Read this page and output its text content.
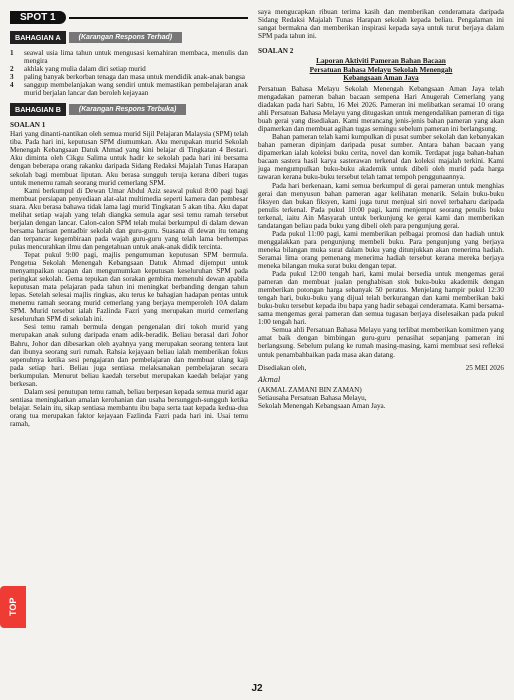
SPOT 1
BAHAGIAN A	(Karangan Respons Terhad)
1	seawal usia lima tahun untuk mengusasi kemahiran membaca, menulis dan mengira
2	akhlak yang mulia dalam diri setiap murid
3	paling banyak berkorban tenaga dan masa untuk mendidik anak-anak bangsa
4	sanggup membelanjakan wang sendiri untuk memastikan pembelajaran anak murid berjalan lancar dan beroleh kejayaan
BAHAGIAN B	(Karangan Respons Terbuka)
SOALAN 1

Hari yang dinanti-nantikan oleh semua murid Sijil Pelajaran Malaysia (SPM) telah tiba. Pada hari ini, keputusan SPM diumumkan. Aku merupakan murid Sekolah Menengah Kebangsaan Datuk Ahmad yang kini belajar di Tingkatan 4 Bestari. Aku diminta oleh Cikgu Salima untuk hadir ke sekolah pada hari ini bersama dengan beberapa orang rakanku daripada Sidang Redaksi Majalah Tunas Harapan sekolah bagi membuat liputan. Aku berasa sungguh teruja kerana diberi tugas untuk menemu ramah seorang murid cemerlang SPM.

Kami berkumpul di Dewan Umar Abdul Aziz seawal pukul 8:00 pagi bagi membuat persiapan penyediaan alat-alat multimedia seperti kamera dan pembesar suara. Aku berasa bahawa tidak lama lagi murid Tingkatan 5 akan tiba. Aku dapat melihat setiap wajah yang telah diangka semula agar sesi temu ramah tersebut berjalan dengan lancar. Calon-calon SPM telah mulai berkumpul di dalam dewan bersama barisan pentadbir sekolah dan guru-guru. Suasana di dewan itu tenang dan terpancar kegembiraan pada wajah guru-guru yang telah lama berhempas pulas mencurahkan ilmu dan pengetahuan untuk anak-anak didik tercinta.

Tepat pukul 9:00 pagi, majlis pengumuman keputusan SPM bermula. Pengetua Sekolah Menengah Kebangsaan Datuk Ahmad dijemput untuk menyampaikan ucapan dan mengumumkan keputusan keseluruhan SPM pada peringkat sekolah. Gema tepukan dan sorakan gembira memenuhi dewan apabila keputusan mata pelajaran pada tahun ini meningkat berbanding dengan tahun lepas. Setelah selesai majlis ringkas, aku terus ke bahagian hadapan pentas untuk menemu ramah seorang murid cemerlang yang berjaya memperoleh 10A dalam SPM. Murid tersebut ialah Fazlinda Fazri yang merupakan murid cemerlang keseluruhan SPM di sekolah ini.

Sesi temu ramah bermula dengan pengenalan diri tokoh murid yang merupakan anak sulung daripada enam adik-beradik. Beliau berasal dari Johor Bahru, Johor dan dibesarkan oleh ayahnya yang merupakan seorang tentera laut dan ibunya seorang suri rumah. Rahsia kejayaan beliau ialah memberikan fokus sepenuhnya ketika sesi pengajaran dan pembelajaran dan membuat ulang kaji pada setiap hari. Beliau juga sentiasa melaksanakan pembelajaran secara berkumpulan. Menurut beliau kaedah tersebut merupakan kaedah belajar yang berkesan.

Dalam sesi penutupan temu ramah, beliau berpesan kepada semua murid agar sentiasa meningkatkan amalan kerohanian dan usaha bersungguh-sungguh ketika belajar. Selain itu, sikap sentiasa membantu ibu bapa serta taat kepada kedua-dua orang tua merupakan faktor kejayaan Fazlinda Fazri pada hari ini. Usai temu ramah,

saya mengucapkan ribuan terima kasih dan memberikan cenderamata daripada Sidang Redaksi Majalah Tunas Harapan sekolah kepada beliau. Pengalaman ini sangat bermakna dan memberikan inspirasi kepada saya untuk turut berjaya dalam SPM pada tahun ini.

SOALAN 2
Laporan Aktiviti Pameran Bahan Bacaan
Persatuan Bahasa Melayu Sekolah Menengah
Kebangsaan Aman Jaya

Persatuan Bahasa Melayu Sekolah Menengah Kebangsaan Aman Jaya telah mengadakan pameran bahan bacaan sempena Hari Anugerah Cemerlang yang diadakan pada hari Sabtu, 16 Mei 2026. Pameran ini melibatkan seramai 10 orang ahli Persatuan Bahasa Melayu yang ditugaskan untuk mengendalikan pameran di tiga buah gerai yang disediakan. Kami merancang jenis-jenis bahan pameran yang akan dipamerkan dan membuat agihan tugas semingu sebelum pameran ini berlangsung.

Bahan pameran telah kami kumpulkan di pusat sumber sekolah dan kebanyakan bahan pameran dipinjam daripada pusat sumber. Antara bahan bacaan yang dipamerkan ialah koleksi buku cerita, novel dan komik. Terdapat juga bahan-bahan bacaan sastera hasil karya sasterawan terkenal dan koleksi majalah terkini. Kami juga mengumpulkan buku-buku akademik untuk dibeli oleh murid pada harga tawaran kerana buku-buku tersebut telah tamat tempoh penggunaannya.

Pada hari berkenaan, kami semua berkumpul di gerai pameran untuk menghias gerai dan menyusun bahan pameran agar kelihatan menarik. Selain buku-buku fiksyen dan bukan fiksyen, kami juga turut menjual siri novel terbaharu daripada penulis terkenal. Pada pukul 10:00 pagi, kami menjemput seorang penulis buku terkenal, iaitu Ain Masyarah untuk berkunjung ke gerai kami dan memberikan tandatangan beliau pada buku yang dibeli oleh para pengunjung gerai.

Pada pukul 11:00 pagi, kami memberikan pelbagai promosi dan hadiah untuk menggalakkan para pengunjung membeli buku. Para pengunjung yang berjaya meneka bilangan muka surat dalam buku yang ditunjukkan akan menerima hadiah. Seramai lima orang pemenang menerima hadiah tersebut kerana mereka berjaya meneka bilangan muka surat buku dengan tepat.

Pada pukul 12:00 tengah hari, kami mulai bersedia untuk mengemas gerai pameran dan membuat jualan penghabisan stok buku-buku akademik dengan memberikan potongan harga sebanyak 50 peratus. Menjelang hampir pukul 12:30 tengah hari, buku-buku yang dijual telah berkurangan dan kami memberikan baki buku-buku tersebut kepada ibu bapa yang hadir sebagai cenderamata. Kami bersama-sama mengemas gerai pameran dan semua tugasan berjaya diselesaikan pada pukul 1:00 tengah hari.

Semua ahli Persatuan Bahasa Melayu yang terlibat memberikan komitmen yang amat baik dengan bimbingan guru-guru penasihat sepanjang pameran ini berlangsung. Sebelum pulang ke rumah masing-masing, kami membuat sesi refleksi untuk penambahbaikan pada masa akan datang.

Disediakan oleh,	25 MEI 2026
Akmal
(AKMAL ZAMANI BIN ZAMAN)
Setiausaha Persatuan Bahasa Melayu,
Sekolah Menengah Kebangsaan Aman Jaya.
TOP
J2
